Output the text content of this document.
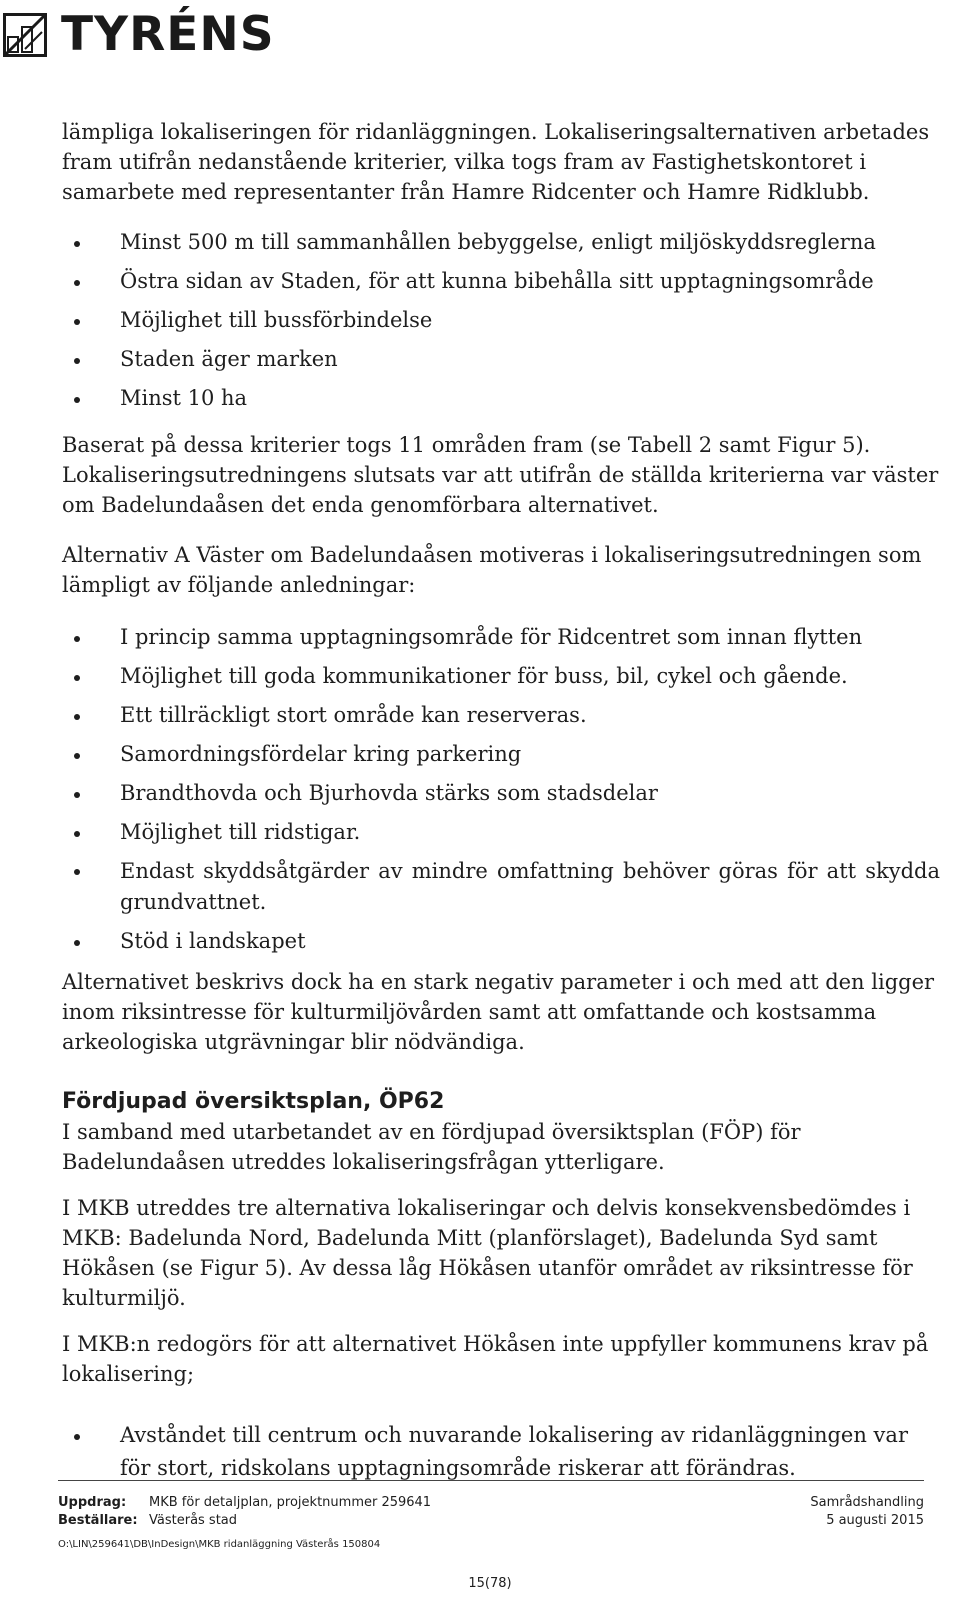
TYRÉNS

lämpliga lokaliseringen för ridanläggningen. Lokaliseringsalternativen arbetades fram utifrån nedanstående kriterier, vilka togs fram av Fastighetskontoret i samarbete med representanter från Hamre Ridcenter och Hamre Ridklubb.

Minst 500 m till sammanhållen bebyggelse, enligt miljöskyddsreglerna
Östra sidan av Staden, för att kunna bibehålla sitt upptagningsområde
Möjlighet till bussförbindelse
Staden äger marken
Minst 10 ha

Baserat på dessa kriterier togs 11 områden fram (se Tabell 2 samt Figur 5). Lokaliseringsutredningens slutsats var att utifrån de ställda kriterierna var väster om Badelundaåsen det enda genomförbara alternativet.

Alternativ A Väster om Badelundaåsen motiveras i lokaliseringsutredningen som lämpligt av följande anledningar:

I princip samma upptagningsområde för Ridcentret som innan flytten
Möjlighet till goda kommunikationer för buss, bil, cykel och gående.
Ett tillräckligt stort område kan reserveras.
Samordningsfördelar kring parkering
Brandthovda och Bjurhovda stärks som stadsdelar
Möjlighet till ridstigar.
Endast skyddsåtgärder av mindre omfattning behöver göras för att skydda grundvattnet.
Stöd i landskapet

Alternativet beskrivs dock ha en stark negativ parameter i och med att den ligger inom riksintresse för kulturmiljövården samt att omfattande och kostsamma arkeologiska utgrävningar blir nödvändiga.

Fördjupad översiktsplan, ÖP62

I samband med utarbetandet av en fördjupad översiktsplan (FÖP) för Badelundaåsen utreddes lokaliseringsfrågan ytterligare.

I MKB utreddes tre alternativa lokaliseringar och delvis konsekvensbedömdes i MKB: Badelunda Nord, Badelunda Mitt (planförslaget), Badelunda Syd samt Hökåsen (se Figur 5). Av dessa låg Hökåsen utanför området av riksintresse för kulturmiljö.

I MKB:n redogörs för att alternativet Hökåsen inte uppfyller kommunens krav på lokalisering;

Avståndet till centrum och nuvarande lokalisering av ridanläggningen var för stort, ridskolans upptagningsområde riskerar att förändras.
Uppdrag:	MKB för detaljplan, projektnummer 259641	Samrådshandling
Beställare: Västerås stad	5 augusti 2015
O:\LIN\259641\DB\InDesign\MKB ridanläggning Västerås 150804
15(78)
